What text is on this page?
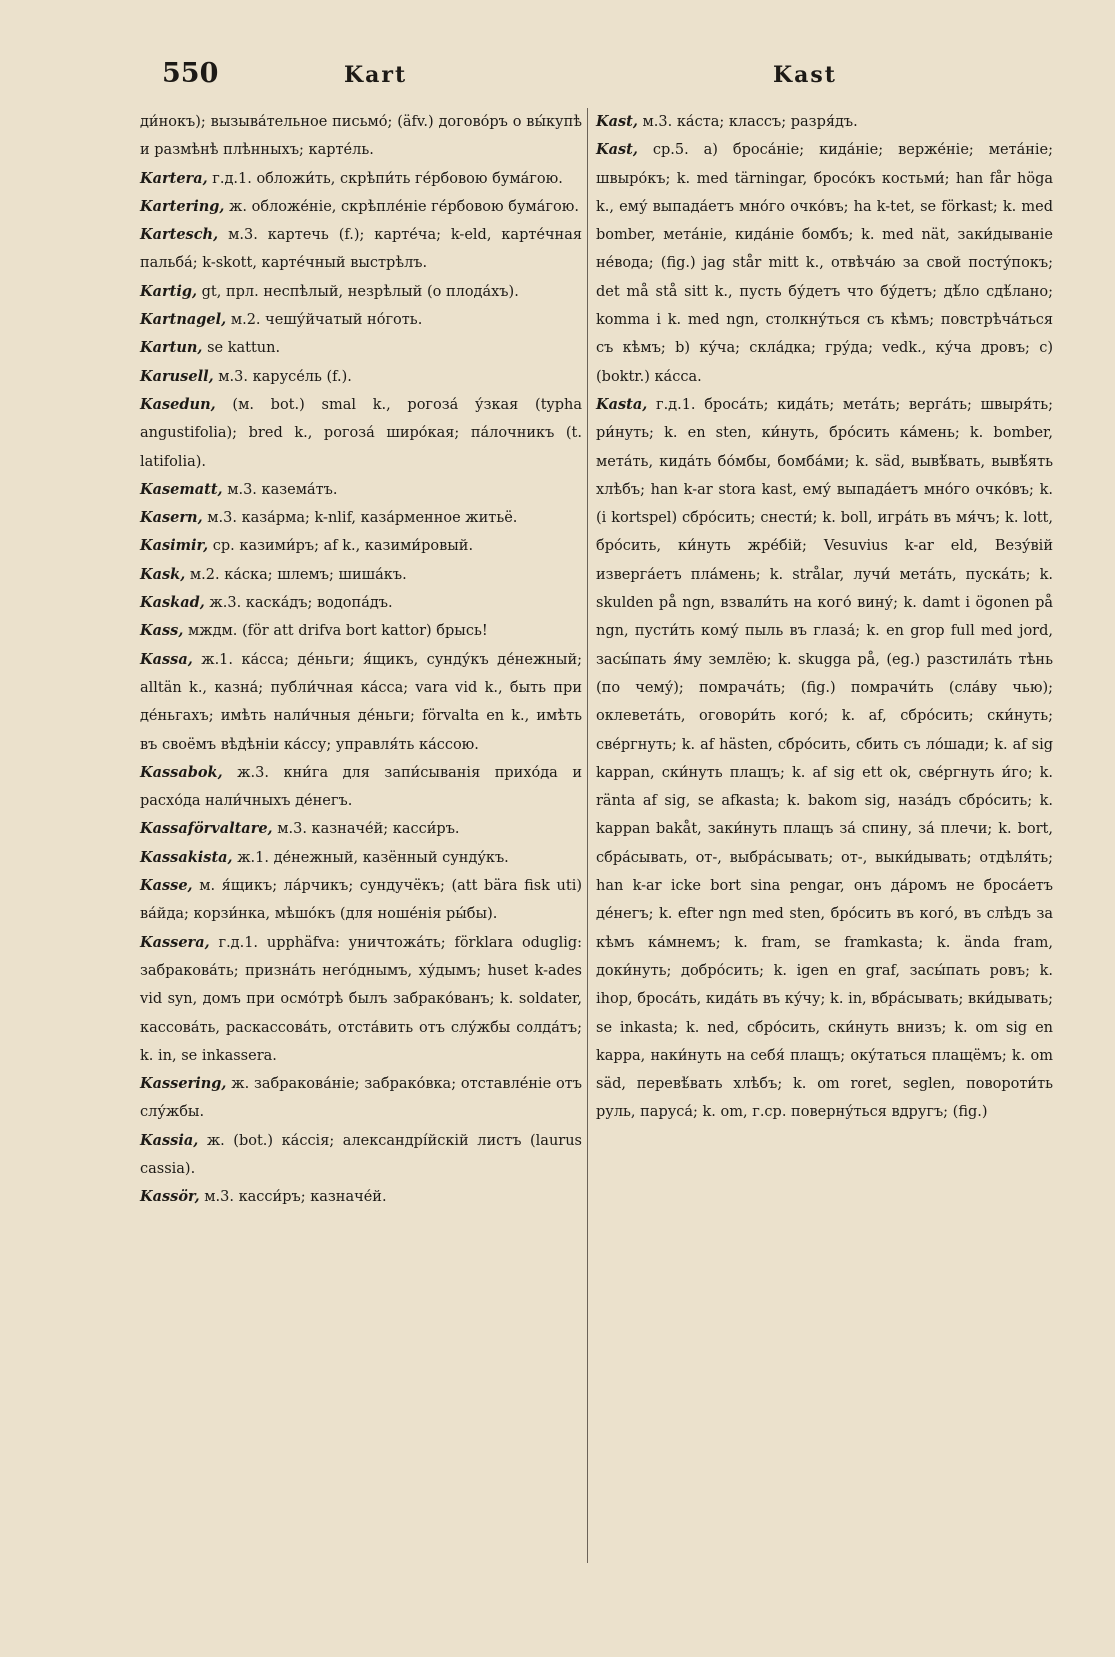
550	Kart	Kast
ди́нокъ); вызыва́тельное письмо́; (äfv.) догово́ръ о вы́купѣ и размѣнѣ плѣнныхъ; карте́ль.
Kartera, г.д.1. обложи́ть, скрѣпи́ть ге́рбовою бума́гою.
Kartering, ж. обложе́ніе, скрѣпле́ніе ге́рбовою бума́гою.
Kartesch, м.3. картечь (f.); карте́ча; k-eld, карте́чная пальба́; k-skott, карте́чный выстрѣлъ.
Kartig, gt, прл. неспѣлый, незрѣлый (о плода́хъ).
Kartnagel, м.2. чешу́йчатый но́готь.
Kartun, se kattun.
Karusell, м.3. карусе́ль (f.).
Kasedun, (м. bot.) smal k., рогоза́ у́зкая (typha angustifolia); bred k., рогоза́ широ́кая; па́лочникъ (t. latifolia).
Kasematt, м.3. казема́тъ.
Kasern, м.3. каза́рма; k-nlif, каза́рменное житьё.
Kasimir, ср. казими́ръ; af k., казими́ровый.
Kask, м.2. ка́ска; шлемъ; шиша́къ.
Kaskad, ж.3. каска́дъ; водопа́дъ.
Kass, мждм. (för att drifva bort kattor) брысь!
Kassa, ж.1. ка́сса; де́ньги; я́щикъ, сунду́къ де́нежный; alltän k., казна́; публи́чная ка́сса; vara vid k., быть при де́ньгахъ; имѣть нали́чныя де́ньги; förvalta en k., имѣть въ своёмъ вѣдѣніи ка́ссу; управля́ть ка́ссою.
Kassabok, ж.3. кни́га для запи́сыванія прихо́да и расхо́да нали́чныхъ де́негъ.
Kassaförvaltare, м.3. казначе́й; касси́ръ.
Kassakista, ж.1. де́нежный, казённый сунду́къ.
Kasse, м. я́щикъ; ла́рчикъ; сундучёкъ; (att bära fisk uti) ва́йда; корзи́нка, мѣшо́къ (для ноше́нія ры́бы).
Kassera, г.д.1. upphäfva: уничтожа́ть; förklara oduglig: забракова́ть; призна́ть него́днымъ, ху́дымъ; huset k-ades vid syn, домъ при осмо́трѣ былъ забрако́ванъ; k. soldater, кассова́ть, раскассова́ть, отста́вить отъ слу́жбы солда́тъ; k. in, se inkassera.
Kassering, ж. забракова́ніе; забрако́вка; отставле́ніе отъ слу́жбы.
Kassia, ж. (bot.) ка́ссія; александрі́йскій листъ (laurus cassia).
Kassör, м.3. касси́ръ; казначе́й.
Kast, м.3. ка́ста; классъ; разря́дъ.
Kast, ср.5. а) броса́ніе; кида́ніе; верже́ніе; мета́ніе; швыро́къ; k. med tärningar, бросо́къ костьми́; han får höga k., ему́ выпада́етъ мно́го очко́въ; ha k-tet, se förkast; k. med bomber, мета́ніе, кида́ніе бомбъ; k. med nät, заки́дываніе не́вода; (fig.) jag står mitt k., отвѣча́ю за свой посту́покъ; det må stå sitt k., пусть бу́детъ что бу́детъ; дѣ́ло сдѣ́лано; komma i k. med ngn, столкну́ться съ кѣмъ; повстрѣча́ться съ кѣмъ; b) ку́ча; скла́дка; гру́да; vedk., ку́ча дровъ; c) (boktr.) ка́сса.
Kasta, г.д.1. броса́ть; кида́ть; мета́ть; верга́ть; швыря́ть; ри́нуть; k. en sten, ки́нуть, бро́сить ка́мень; k. bomber, мета́ть, кида́ть бо́мбы, бомба́ми; k. säd, вывѣ́вать, вывѣ́ять хлѣбъ; han k-ar stora kast, ему́ выпада́етъ мно́го очко́въ; k. (i kortspel) сбро́сить; снести́; k. boll, игра́ть въ мя́чъ; k. lott, бро́сить, ки́нуть жре́бій; Vesuvius k-ar eld, Везу́вій изверга́етъ пла́мень; k. strålar, лучи́ мета́ть, пуска́ть; k. skulden på ngn, взвали́ть на кого́ вину́; k. damt i ögonen på ngn, пусти́ть кому́ пыль въ глаза́; k. en grop full med jord, засы́пать я́му землёю; k. skugga på, (eg.) разстила́ть тѣнь (по чему́); помрача́ть; (fig.) помрачи́ть (сла́ву чью); оклевета́ть, оговори́ть кого́; k. af, сбро́сить; ски́нуть; све́ргнуть; k. af hästen, сбро́сить, сбить съ ло́шади; k. af sig kappan, ски́нуть плащъ; k. af sig ett ok, све́ргнуть и́го; k. ränta af sig, se afkasta; k. bakom sig, наза́дъ сбро́сить; k. kappan bakåt, заки́нуть плащъ за́ спину, за́ плечи; k. bort, сбра́сывать, от-, выбра́сывать; от-, выки́дывать; отдѣля́ть; han k-ar icke bort sina pengar, онъ да́ромъ не броса́етъ де́негъ; k. efter ngn med sten, бро́сить въ кого́, въ слѣдъ за кѣмъ ка́мнемъ; k. fram, se framkasta; k. ända fram, доки́нуть; добро́сить; k. igen en graf, засы́пать ровъ; k. ihop, броса́ть, кида́ть въ ку́чу; k. in, вбра́сывать; вки́дывать; se inkasta; k. ned, сбро́сить, ски́нуть внизъ; k. om sig en kappa, наки́нуть на себя́ плащъ; оку́таться плащёмъ; k. om säd, перевѣ́вать хлѣбъ; k. om roret, seglen, повороти́ть руль, паруса́; k. om, г.ср. поверну́ться вдругъ; (fig.)
